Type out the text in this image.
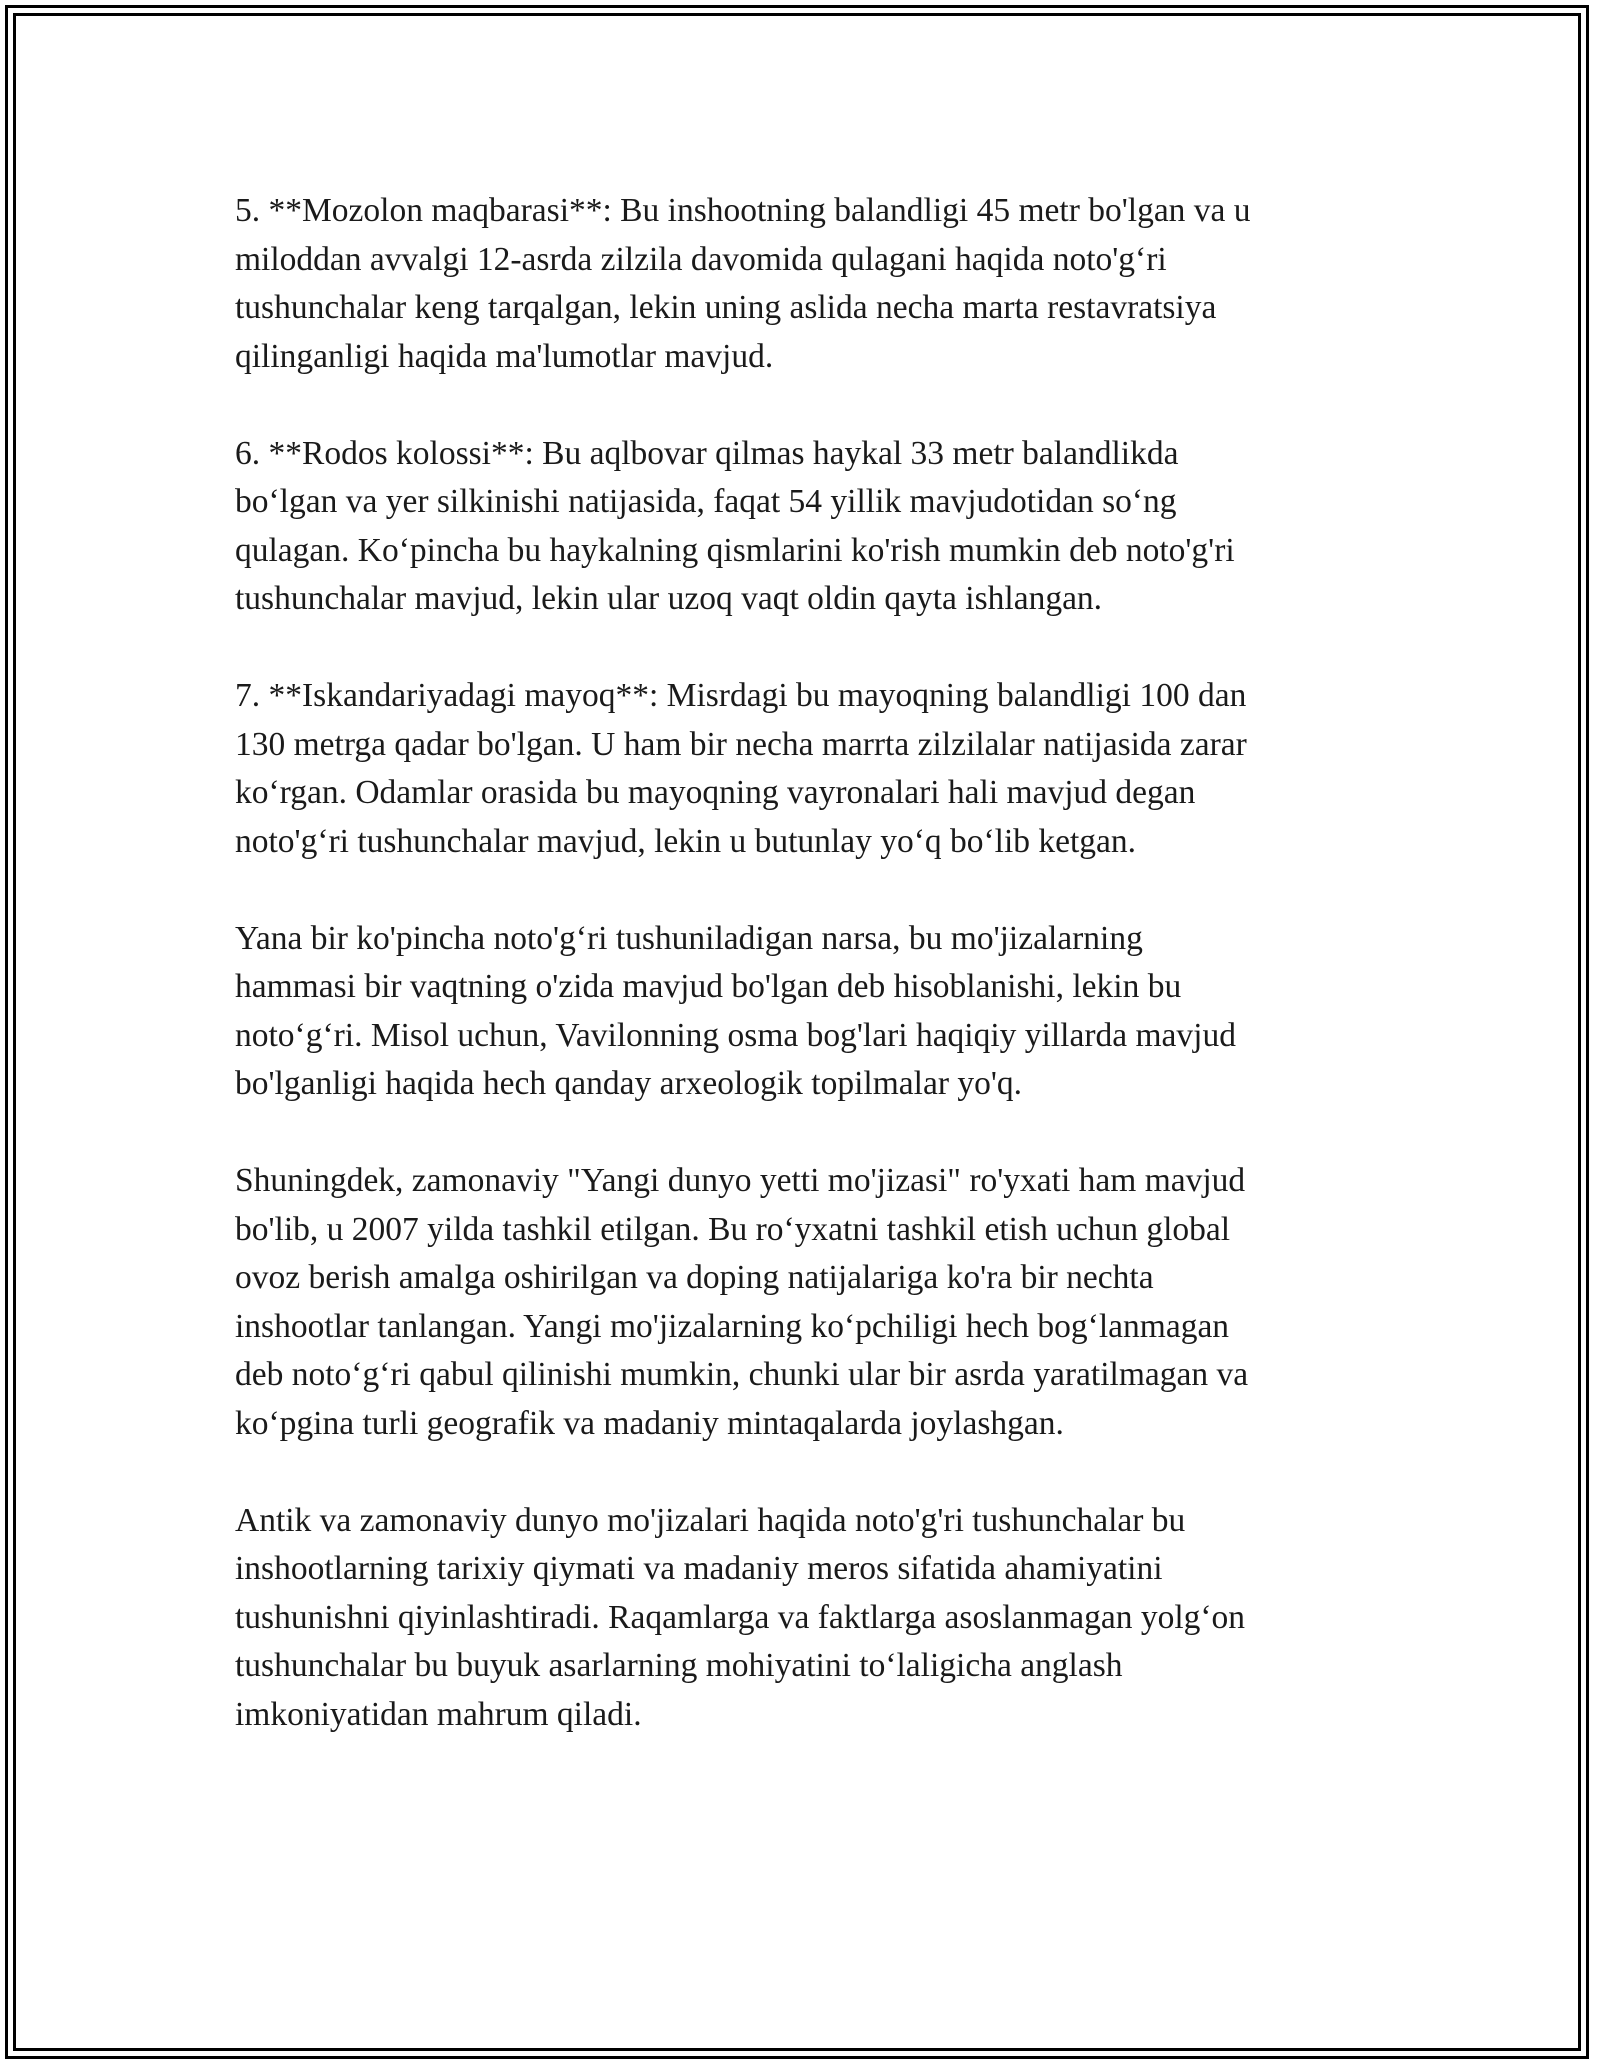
5. **Mozolon maqbarasi**: Bu inshootning balandligi 45 metr bo'lgan va u
miloddan avvalgi 12-asrda zilzila davomida qulagani haqida noto'g‘ri
tushunchalar keng tarqalgan, lekin uning aslida necha marta restavratsiya
qilinganligi haqida ma'lumotlar mavjud.

6. **Rodos kolossi**: Bu aqlbovar qilmas haykal 33 metr balandlikda
bo‘lgan va yer silkinishi natijasida, faqat 54 yillik mavjudotidan so‘ng
qulagan. Ko‘pincha bu haykalning qismlarini ko'rish mumkin deb noto'g'ri
tushunchalar mavjud, lekin ular uzoq vaqt oldin qayta ishlangan.

7. **Iskandariyadagi mayoq**: Misrdagi bu mayoqning balandligi 100 dan
130 metrga qadar bo'lgan. U ham bir necha marrta zilzilalar natijasida zarar
ko‘rgan. Odamlar orasida bu mayoqning vayronalari hali mavjud degan
noto'g‘ri tushunchalar mavjud, lekin u butunlay yo‘q bo‘lib ketgan.

Yana bir ko'pincha noto'g‘ri tushuniladigan narsa, bu mo'jizalarning
hammasi bir vaqtning o'zida mavjud bo'lgan deb hisoblanishi, lekin bu
noto‘g‘ri. Misol uchun, Vavilonning osma bog'lari haqiqiy yillarda mavjud
bo'lganligi haqida hech qanday arxeologik topilmalar yo'q.

Shuningdek, zamonaviy "Yangi dunyo yetti mo'jizasi" ro'yxati ham mavjud
bo'lib, u 2007 yilda tashkil etilgan. Bu ro‘yxatni tashkil etish uchun global
ovoz berish amalga oshirilgan va doping natijalariga ko'ra bir nechta
inshootlar tanlangan. Yangi mo'jizalarning ko‘pchiligi hech bog‘lanmagan
deb noto‘g‘ri qabul qilinishi mumkin, chunki ular bir asrda yaratilmagan va
ko‘pgina turli geografik va madaniy mintaqalarda joylashgan.

Antik va zamonaviy dunyo mo'jizalari haqida noto'g'ri tushunchalar bu
inshootlarning tarixiy qiymati va madaniy meros sifatida ahamiyatini
tushunishni qiyinlashtiradi. Raqamlarga va faktlarga asoslanmagan yolg‘on
tushunchalar bu buyuk asarlarning mohiyatini to‘laligicha anglash
imkoniyatidan mahrum qiladi.
